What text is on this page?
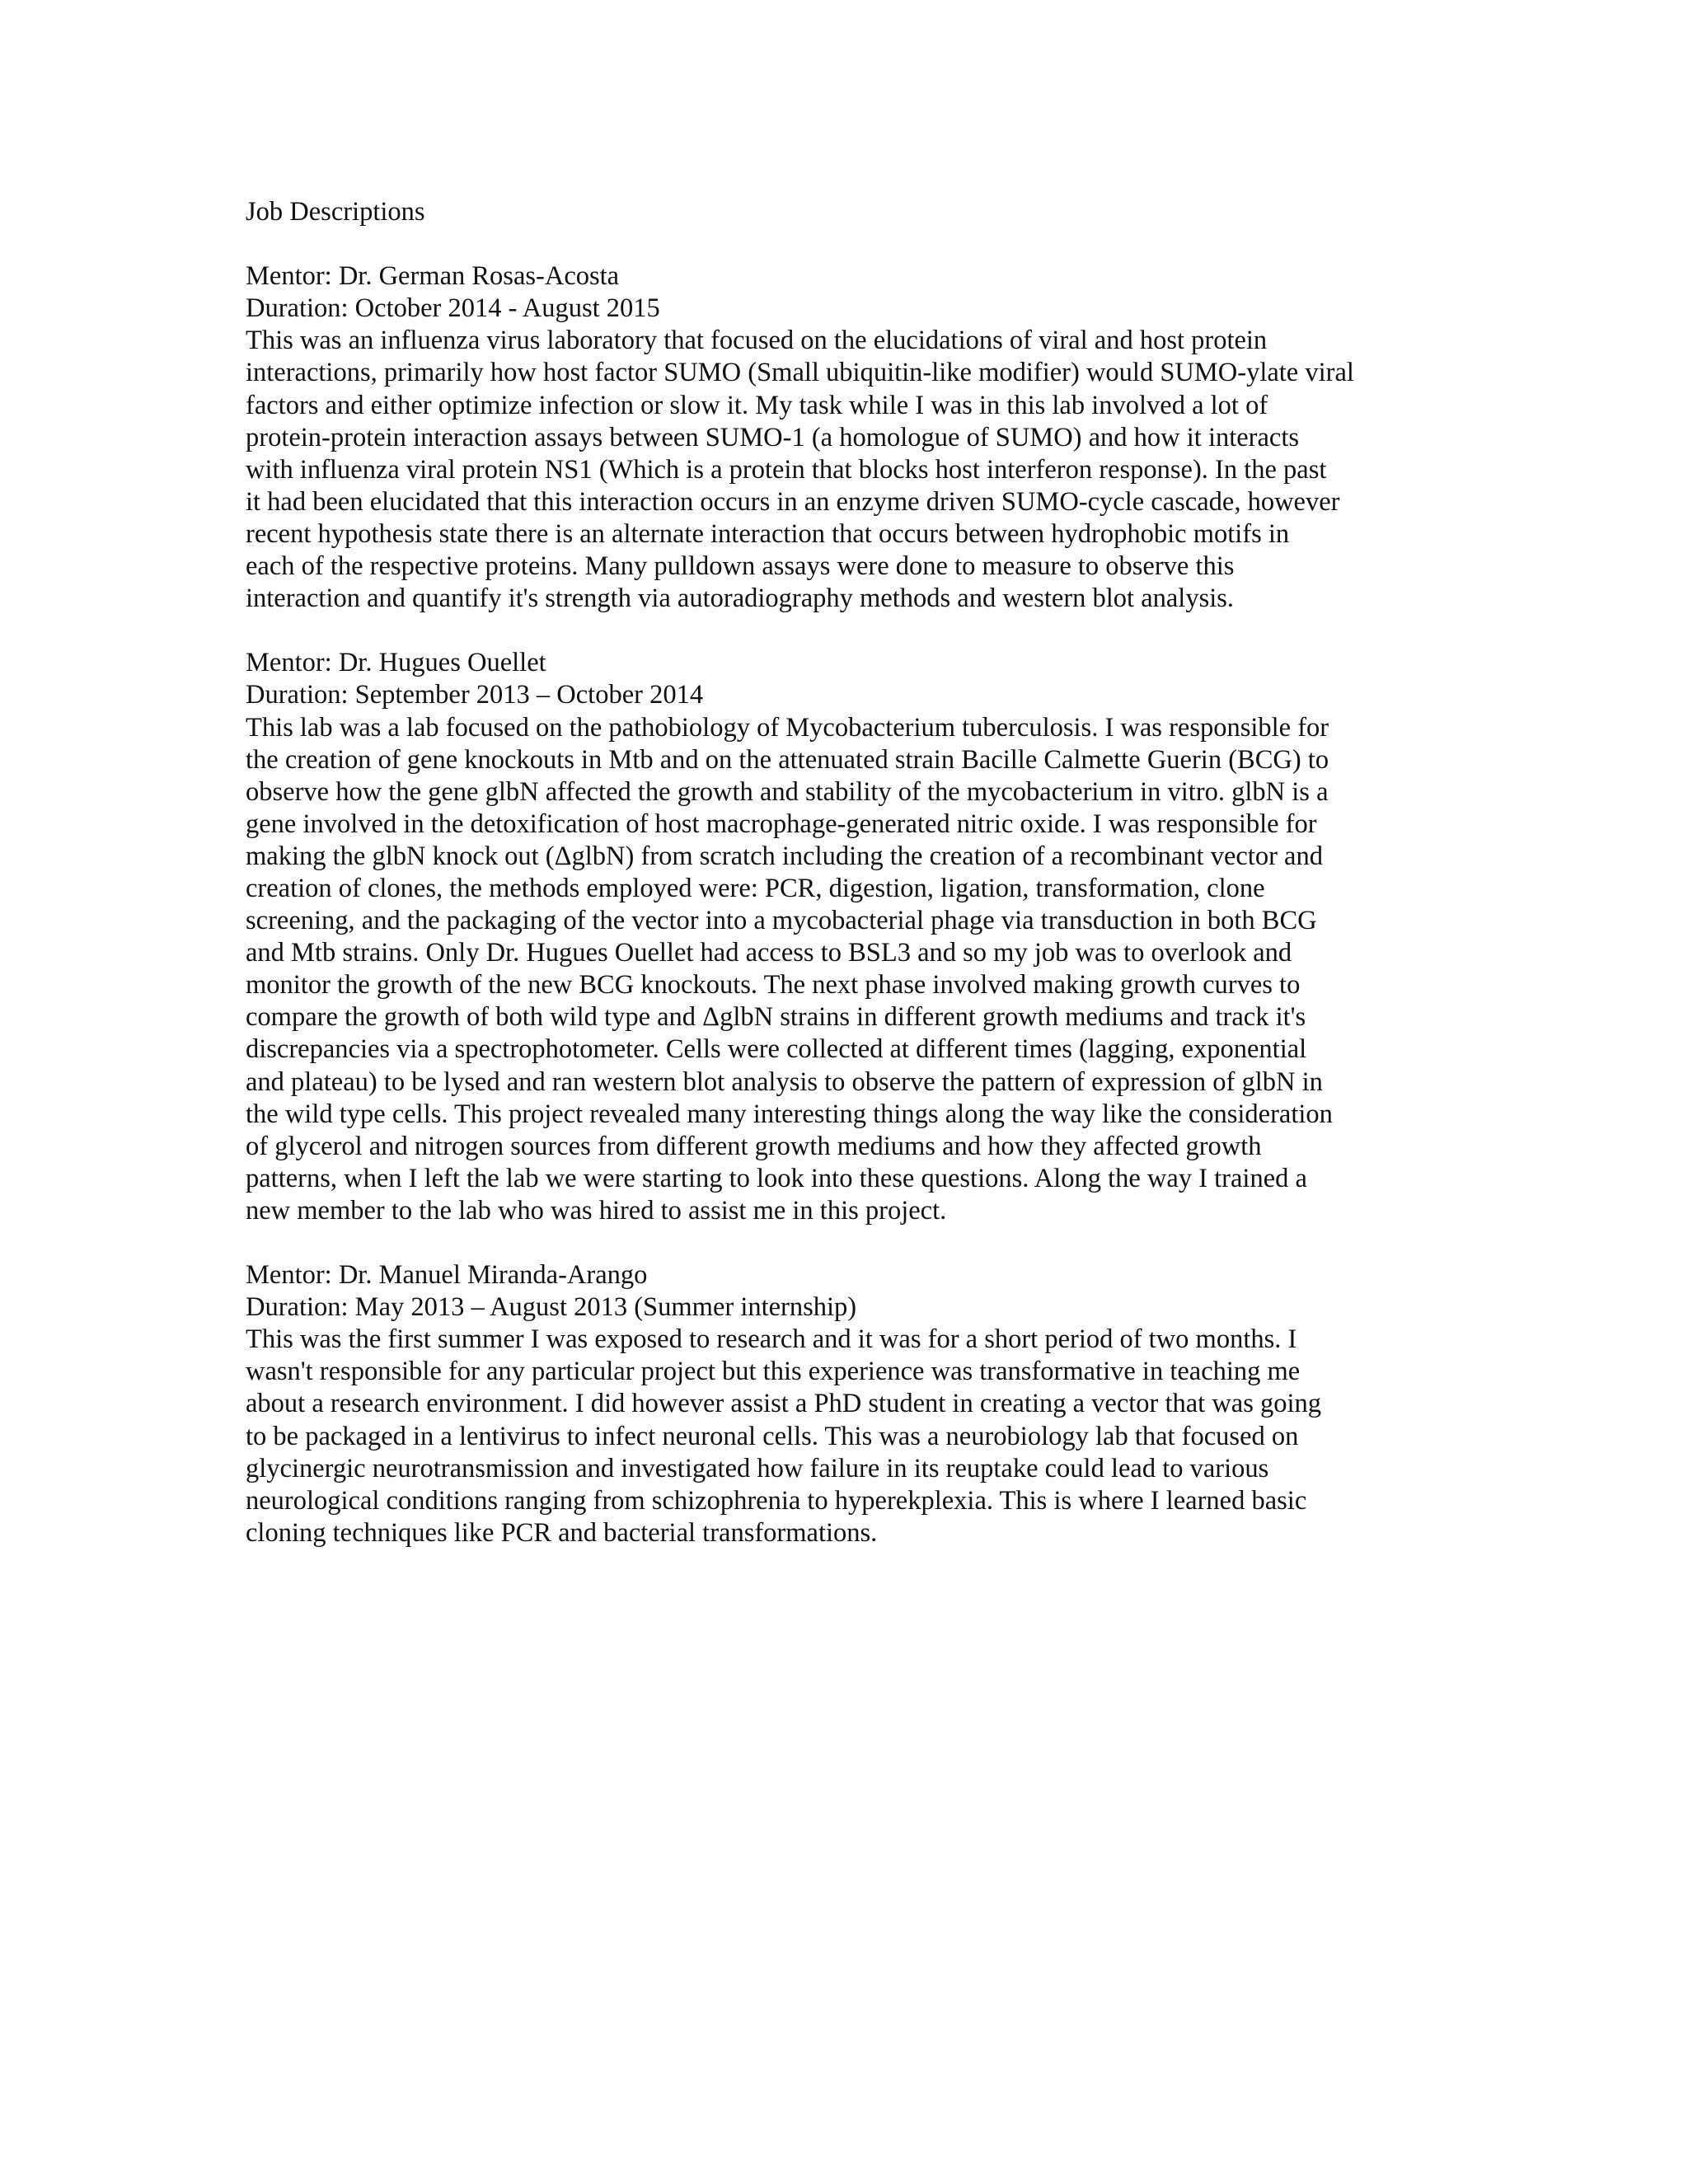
Job Descriptions
Mentor: Dr. German Rosas-Acosta
Duration: October 2014 - August 2015
This was an influenza virus laboratory that focused on the elucidations of viral and host protein
interactions, primarily how host factor SUMO (Small ubiquitin-like modifier) would SUMO-ylate viral
factors and either optimize infection or slow it. My task while I was in this lab involved a lot of
protein-protein interaction assays between SUMO-1 (a homologue of SUMO) and how it interacts
with influenza viral protein NS1 (Which is a protein that blocks host interferon response). In the past
it had been elucidated that this interaction occurs in an enzyme driven SUMO-cycle cascade, however
recent hypothesis state there is an alternate interaction that occurs between hydrophobic motifs in
each of the respective proteins. Many pulldown assays were done to measure to observe this
interaction and quantify it's strength via autoradiography methods and western blot analysis.
Mentor: Dr. Hugues Ouellet
Duration: September 2013 – October 2014
This lab was a lab focused on the pathobiology of Mycobacterium tuberculosis. I was responsible for
the creation of gene knockouts in Mtb and on the attenuated strain Bacille Calmette Guerin (BCG) to
observe how the gene glbN affected the growth and stability of the mycobacterium in vitro. glbN is a
gene involved in the detoxification of host macrophage-generated nitric oxide. I was responsible for
making the glbN knock out (ΔglbN) from scratch including the creation of a recombinant vector and
creation of clones, the methods employed were: PCR, digestion, ligation, transformation, clone
screening, and the packaging of the vector into a mycobacterial phage via transduction in both BCG
and Mtb strains. Only Dr. Hugues Ouellet had access to BSL3 and so my job was to overlook and
monitor the growth of the new BCG knockouts. The next phase involved making growth curves to
compare the growth of both wild type and ΔglbN strains in different growth mediums and track it's
discrepancies via a spectrophotometer. Cells were collected at different times (lagging, exponential
and plateau) to be lysed and ran western blot analysis to observe the pattern of expression of glbN in
the wild type cells. This project revealed many interesting things along the way like the consideration
of glycerol and nitrogen sources from different growth mediums and how they affected growth
patterns, when I left the lab we were starting to look into these questions. Along the way I trained a
new member to the lab who was hired to assist me in this project.
Mentor: Dr. Manuel Miranda-Arango
Duration: May 2013 – August 2013 (Summer internship)
This was the first summer I was exposed to research and it was for a short period of two months. I
wasn't responsible for any particular project but this experience was transformative in teaching me
about a research environment. I did however assist a PhD student in creating a vector that was going
to be packaged in a lentivirus to infect neuronal cells. This was a neurobiology lab that focused on
glycinergic neurotransmission and investigated how failure in its reuptake could lead to various
neurological conditions ranging from schizophrenia to hyperekplexia. This is where I learned basic
cloning techniques like PCR and bacterial transformations.
